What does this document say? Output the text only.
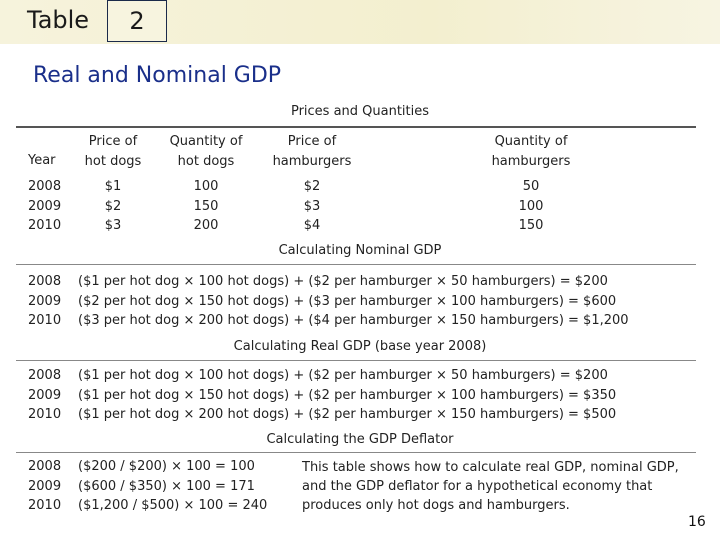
Table 2
Real and Nominal GDP
Prices and Quantities
Year
Price of
hot dogs
Quantity of
hot dogs
Price of
hamburgers
Quantity of
hamburgers
2008
2009
2010
$1
$2
$3
100
150
200
$2
$3
$4
50
100
150
Calculating Nominal GDP
2008
2009
2010
($1 per hot dog × 100 hot dogs) + ($2 per hamburger × 50 hamburgers) = $200
($2 per hot dog × 150 hot dogs) + ($3 per hamburger × 100 hamburgers) = $600
($3 per hot dog × 200 hot dogs) + ($4 per hamburger × 150 hamburgers) = $1,200
Calculating Real GDP (base year 2008)
2008
2009
2010
($1 per hot dog × 100 hot dogs) + ($2 per hamburger × 50 hamburgers) = $200
($1 per hot dog × 150 hot dogs) + ($2 per hamburger × 100 hamburgers) = $350
($1 per hot dog × 200 hot dogs) + ($2 per hamburger × 150 hamburgers) = $500
Calculating the GDP Deflator
2008
2009
2010
($200 / $200) × 100 = 100
($600 / $350) × 100 = 171
($1,200 / $500) × 100 = 240
This table shows how to calculate real GDP, nominal GDP, and the GDP deflator for a hypothetical economy that produces only hot dogs and hamburgers.
16
